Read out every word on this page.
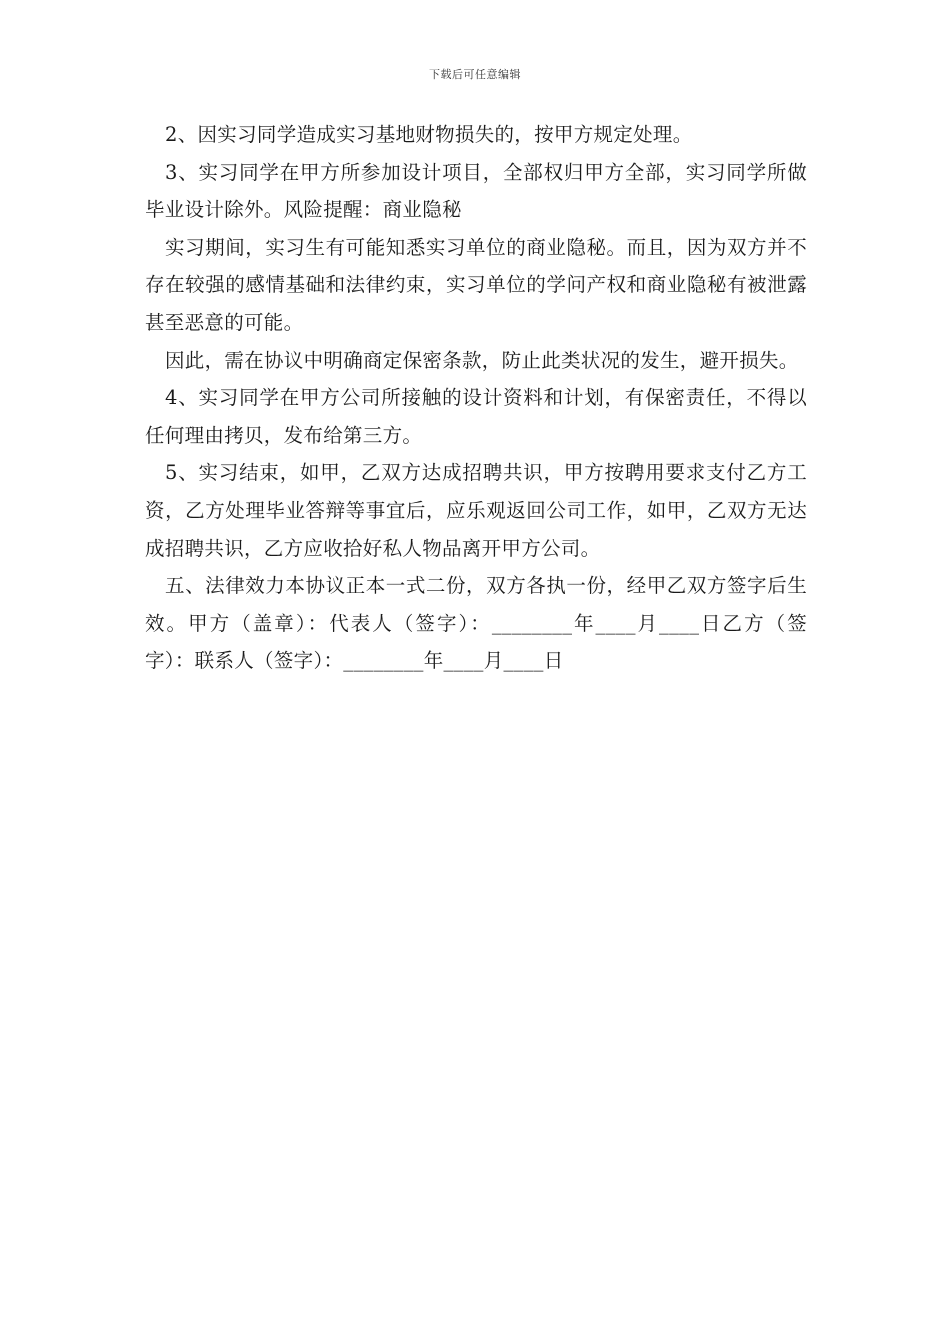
下载后可任意编辑

2、因实习同学造成实习基地财物损失的，按甲方规定处理。

3、实习同学在甲方所参加设计项目，全部权归甲方全部，实习同学所做毕业设计除外。风险提醒：商业隐秘

实习期间，实习生有可能知悉实习单位的商业隐秘。而且，因为双方并不存在较强的感情基础和法律约束，实习单位的学问产权和商业隐秘有被泄露甚至恶意的可能。

因此，需在协议中明确商定保密条款，防止此类状况的发生，避开损失。

4、实习同学在甲方公司所接触的设计资料和计划，有保密责任，不得以任何理由拷贝，发布给第三方。

5、实习结束，如甲，乙双方达成招聘共识，甲方按聘用要求支付乙方工资，乙方处理毕业答辩等事宜后，应乐观返回公司工作，如甲，乙双方无达成招聘共识，乙方应收拾好私人物品离开甲方公司。

五、法律效力本协议正本一式二份，双方各执一份，经甲乙双方签字后生效。甲方（盖章）：代表人（签字）：________年____月____日乙方（签字）：联系人（签字）：________年____月____日
